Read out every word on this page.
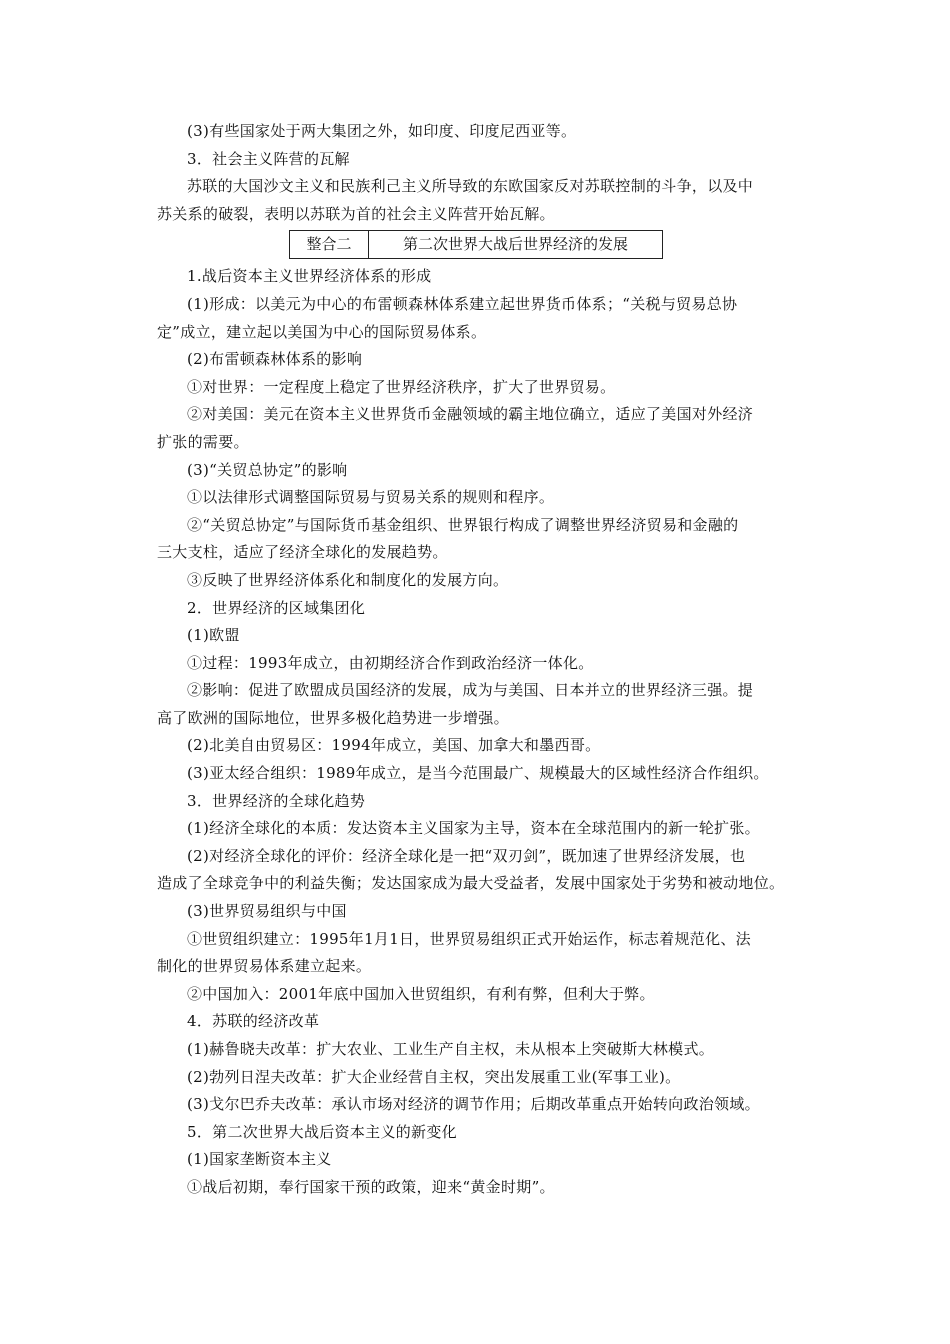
(3)有些国家处于两大集团之外，如印度、印度尼西亚等。
3．社会主义阵营的瓦解
苏联的大国沙文主义和民族利己主义所导致的东欧国家反对苏联控制的斗争，以及中
苏关系的破裂，表明以苏联为首的社会主义阵营开始瓦解。
整合二	第二次世界大战后世界经济的发展
1.战后资本主义世界经济体系的形成
(1)形成：以美元为中心的布雷顿森林体系建立起世界货币体系；“关税与贸易总协
定”成立，建立起以美国为中心的国际贸易体系。
(2)布雷顿森林体系的影响
①对世界：一定程度上稳定了世界经济秩序，扩大了世界贸易。
②对美国：美元在资本主义世界货币金融领域的霸主地位确立，适应了美国对外经济
扩张的需要。
(3)“关贸总协定”的影响
①以法律形式调整国际贸易与贸易关系的规则和程序。
②“关贸总协定”与国际货币基金组织、世界银行构成了调整世界经济贸易和金融的
三大支柱，适应了经济全球化的发展趋势。
③反映了世界经济体系化和制度化的发展方向。
2．世界经济的区域集团化
(1)欧盟
①过程：1993年成立，由初期经济合作到政治经济一体化。
②影响：促进了欧盟成员国经济的发展，成为与美国、日本并立的世界经济三强。提
高了欧洲的国际地位，世界多极化趋势进一步增强。
(2)北美自由贸易区：1994年成立，美国、加拿大和墨西哥。
(3)亚太经合组织：1989年成立，是当今范围最广、规模最大的区域性经济合作组织。
3．世界经济的全球化趋势
(1)经济全球化的本质：发达资本主义国家为主导，资本在全球范围内的新一轮扩张。
(2)对经济全球化的评价：经济全球化是一把“双刃剑”，既加速了世界经济发展，也
造成了全球竞争中的利益失衡；发达国家成为最大受益者，发展中国家处于劣势和被动地位。
(3)世界贸易组织与中国
①世贸组织建立：1995年1月1日，世界贸易组织正式开始运作，标志着规范化、法
制化的世界贸易体系建立起来。
②中国加入：2001年底中国加入世贸组织，有利有弊，但利大于弊。
4．苏联的经济改革
(1)赫鲁晓夫改革：扩大农业、工业生产自主权，未从根本上突破斯大林模式。
(2)勃列日涅夫改革：扩大企业经营自主权，突出发展重工业(军事工业)。
(3)戈尔巴乔夫改革：承认市场对经济的调节作用；后期改革重点开始转向政治领域。
5．第二次世界大战后资本主义的新变化
(1)国家垄断资本主义
①战后初期，奉行国家干预的政策，迎来“黄金时期”。
